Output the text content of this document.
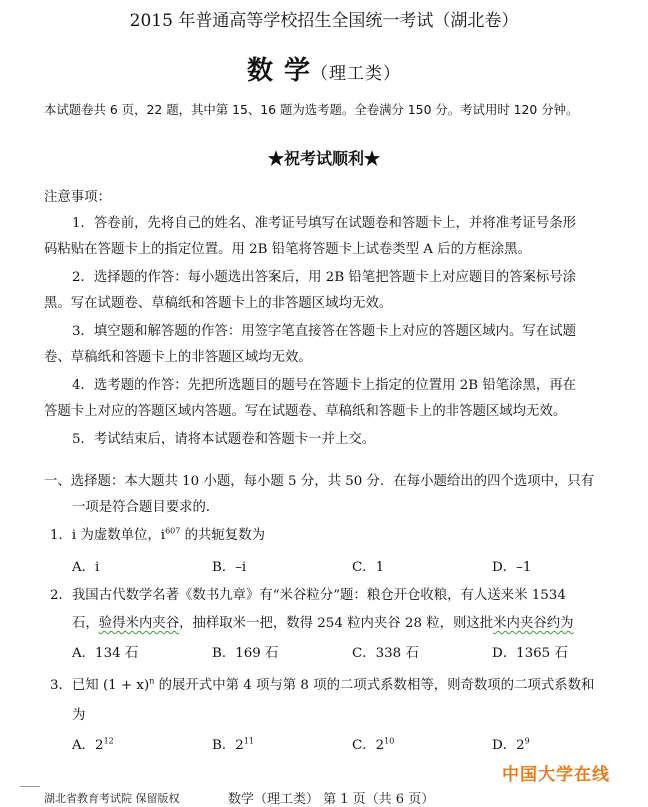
2015 年普通高等学校招生全国统一考试（湖北卷）
数 学（理工类）
本试题卷共 6 页，22 题，其中第 15、16 题为选考题。全卷满分 150 分。考试用时 120 分钟。
★祝考试顺利★
注意事项：
1．答卷前，先将自己的姓名、准考证号填写在试题卷和答题卡上，并将准考证号条形
码粘贴在答题卡上的指定位置。用 2B 铅笔将答题卡上试卷类型 A 后的方框涂黑。
2．选择题的作答：每小题选出答案后，用 2B 铅笔把答题卡上对应题目的答案标号涂
黑。写在试题卷、草稿纸和答题卡上的非答题区域均无效。
3．填空题和解答题的作答：用签字笔直接答在答题卡上对应的答题区域内。写在试题
卷、草稿纸和答题卡上的非答题区域均无效。
4．选考题的作答：先把所选题目的题号在答题卡上指定的位置用 2B 铅笔涂黑，再在
答题卡上对应的答题区域内答题。写在试题卷、草稿纸和答题卡上的非答题区域均无效。
5．考试结束后，请将本试题卷和答题卡一并上交。
一、选择题：本大题共 10 小题，每小题 5 分，共 50 分．在每小题给出的四个选项中，只有
一项是符合题目要求的．
1．i 为虚数单位，$i^{607}$ 的共轭复数为
A．i	B．–i	C．1	D．–1
2．我国古代数学名著《数书九章》有“米谷粒分”题：粮仓开仓收粮，有人送来米 1534
石，验得米内夹谷，抽样取米一把，数得 254 粒内夹谷 28 粒，则这批米内夹谷约为
A．134 石	B．169 石	C．338 石	D．1365 石
3．已知 $(1 + x)^n$ 的展开式中第 4 项与第 8 项的二项式系数相等，则奇数项的二项式系数和
为
A．$2^{12}$	B．$2^{11}$	C．$2^{10}$	D．$2^9$
中国大学在线
湖北省教育考试院 保留版权	数学（理工类） 第 1 页（共 6 页）
